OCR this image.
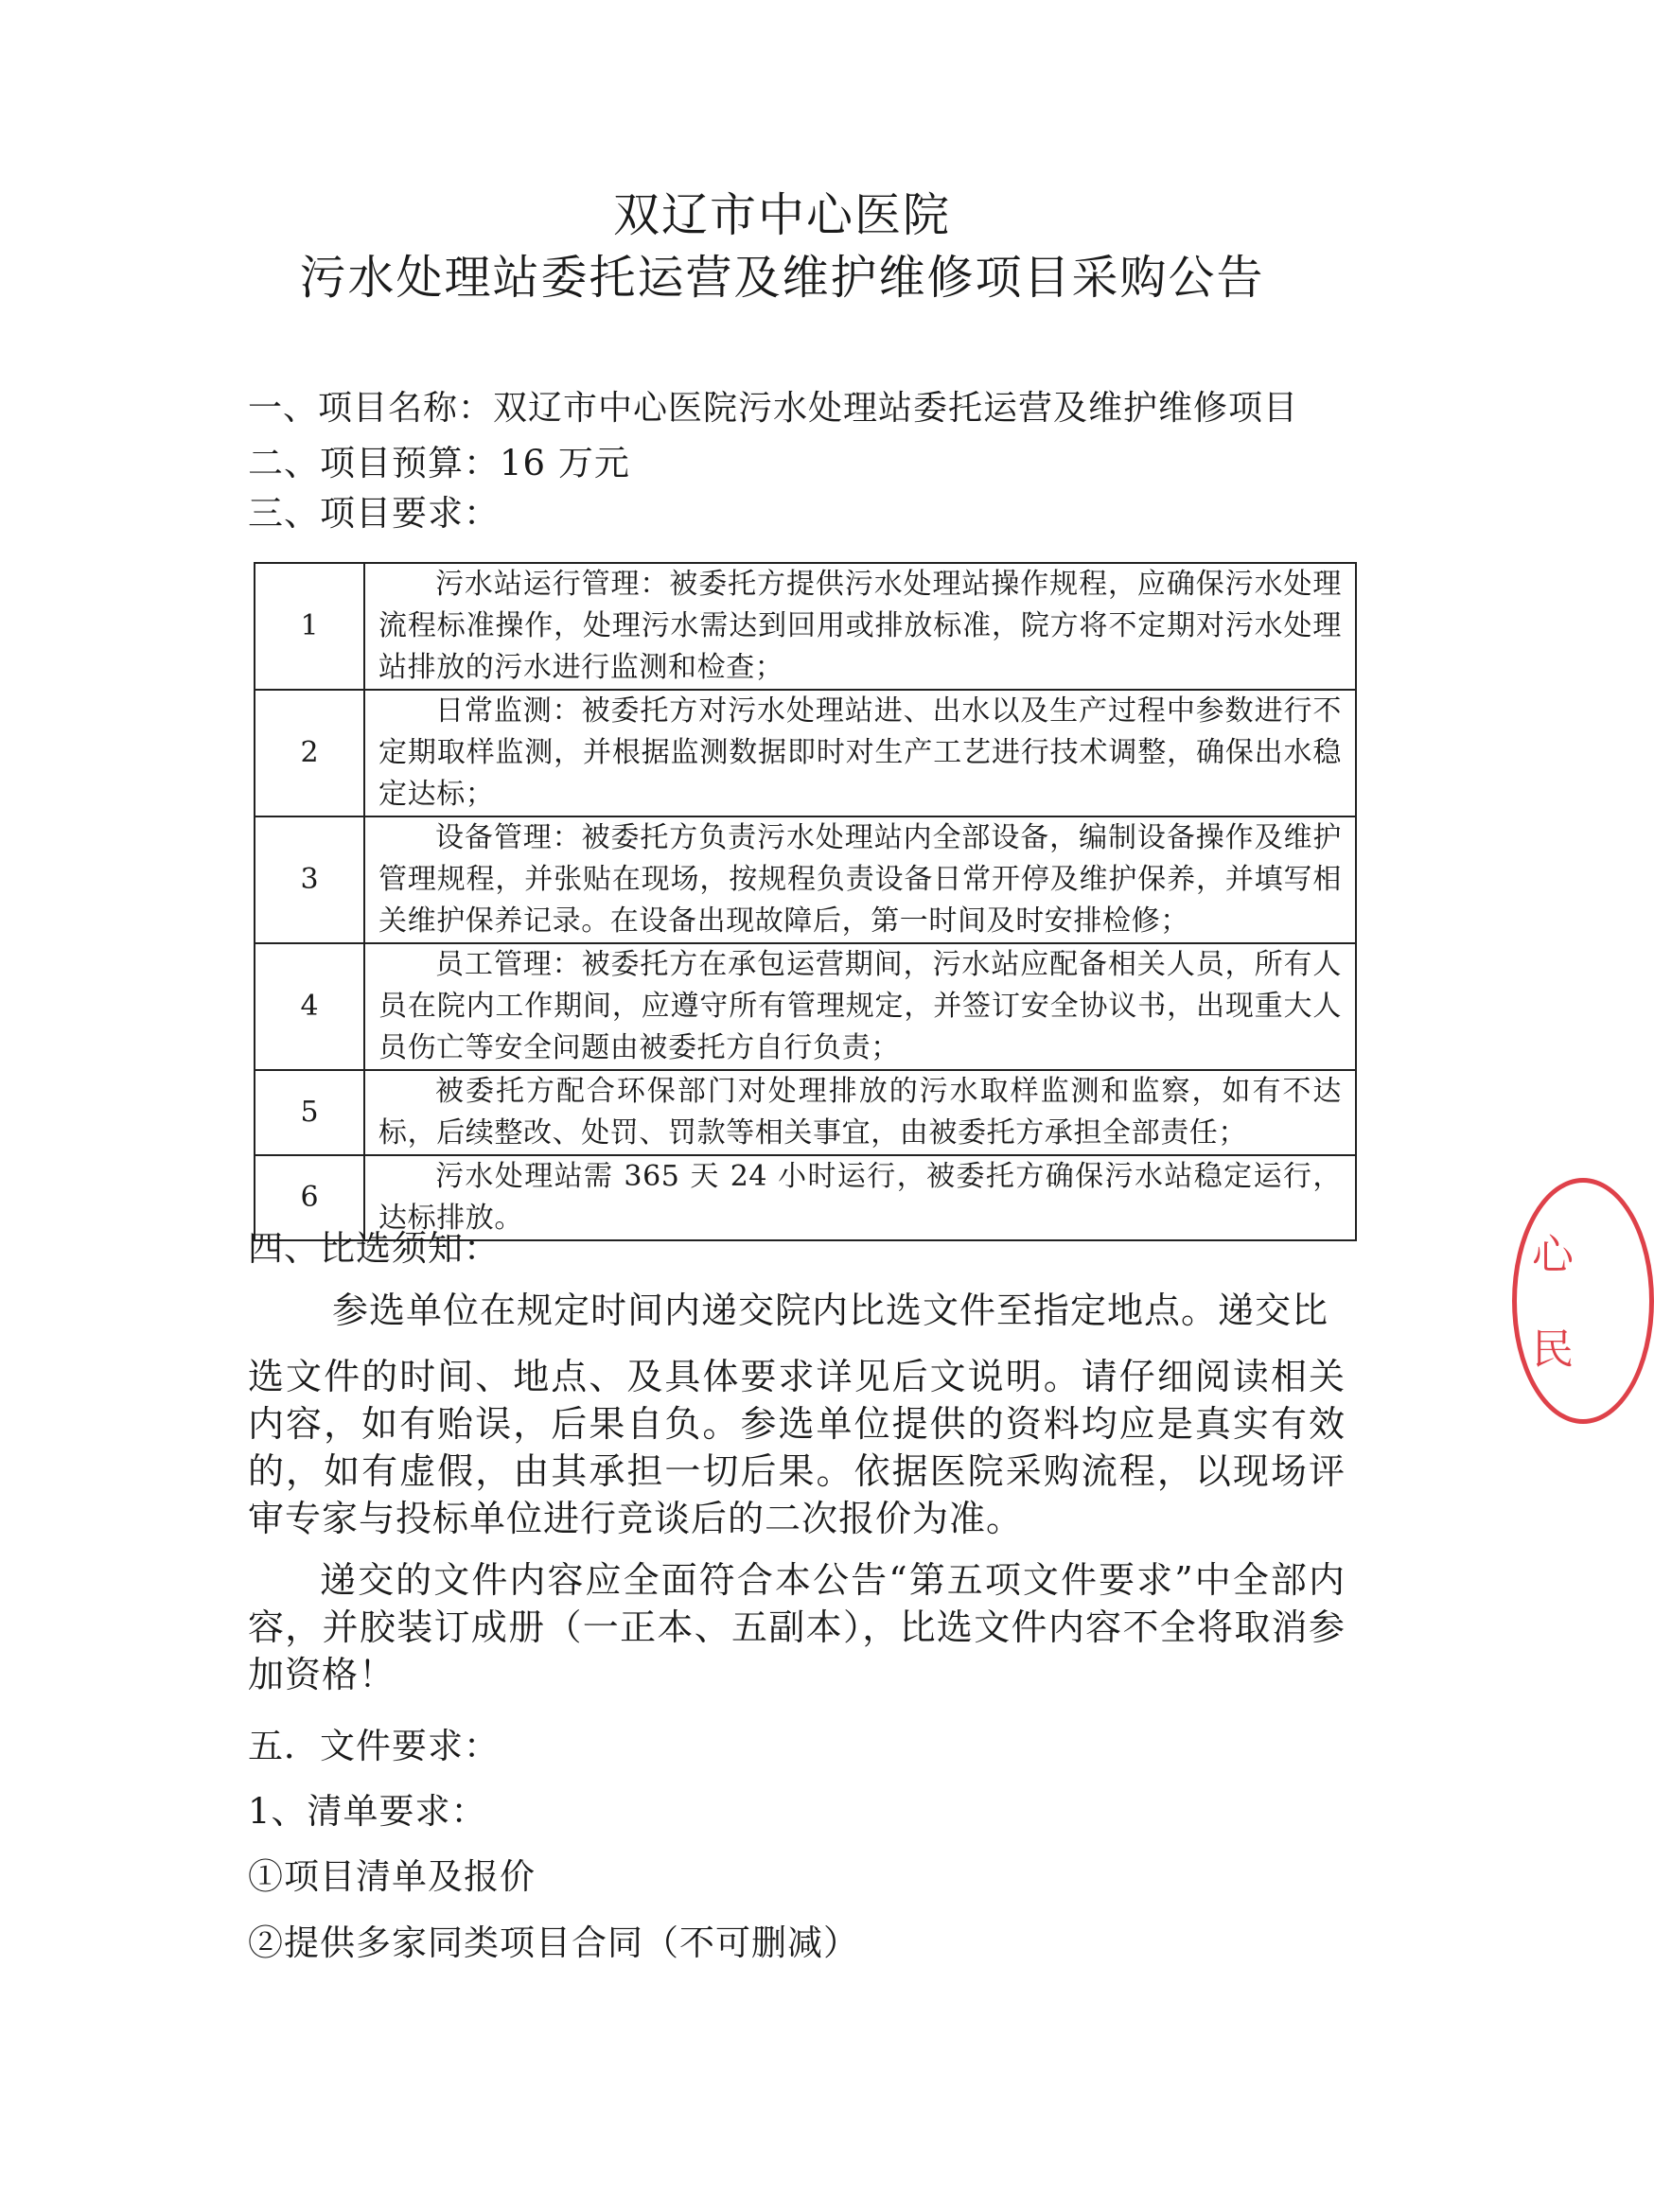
双辽市中心医院
污水处理站委托运营及维护维修项目采购公告
一、项目名称：双辽市中心医院污水处理站委托运营及维护维修项目
二、项目预算：16 万元
三、项目要求：
1	污水站运行管理：被委托方提供污水处理站操作规程，应确保污水处理流程标准操作，处理污水需达到回用或排放标准，院方将不定期对污水处理站排放的污水进行监测和检查；

2	日常监测：被委托方对污水处理站进、出水以及生产过程中参数进行不定期取样监测，并根据监测数据即时对生产工艺进行技术调整，确保出水稳定达标；

3	设备管理：被委托方负责污水处理站内全部设备，编制设备操作及维护管理规程，并张贴在现场，按规程负责设备日常开停及维护保养，并填写相关维护保养记录。在设备出现故障后，第一时间及时安排检修；

4	员工管理：被委托方在承包运营期间，污水站应配备相关人员，所有人员在院内工作期间，应遵守所有管理规定，并签订安全协议书，出现重大人员伤亡等安全问题由被委托方自行负责；

5	被委托方配合环保部门对处理排放的污水取样监测和监察，如有不达标，后续整改、处罚、罚款等相关事宜，由被委托方承担全部责任；

6	污水处理站需 365 天 24 小时运行，被委托方确保污水站稳定运行，达标排放。
四、比选须知：
参选单位在规定时间内递交院内比选文件至指定地点。递交比
选文件的时间、地点、及具体要求详见后文说明。请仔细阅读相关内容，如有贻误，后果自负。参选单位提供的资料均应是真实有效的，如有虚假，由其承担一切后果。依据医院采购流程，以现场评审专家与投标单位进行竞谈后的二次报价为准。
递交的文件内容应全面符合本公告“第五项文件要求”中全部内容，并胶装订成册（一正本、五副本），比选文件内容不全将取消参加资格！
五．文件要求：
1、清单要求：
①项目清单及报价
②提供多家同类项目合同（不可删减）
心
民
